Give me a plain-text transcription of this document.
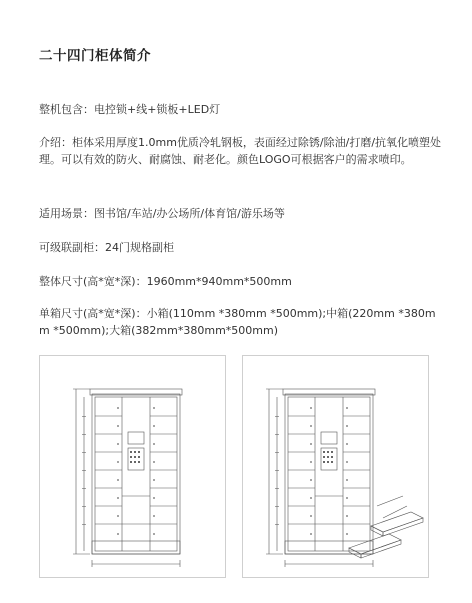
二十四门柜体简介
整机包含：电控锁+线+锁板+LED灯
介绍：柜体采用厚度1.0mm优质冷轧钢板，表面经过除锈/除油/打磨/抗氧化喷塑处理。可以有效的防火、耐腐蚀、耐老化。颜色LOGO可根据客户的需求喷印。
适用场景：图书馆/车站/办公场所/体育馆/游乐场等
可级联副柜：24门规格副柜
整体尺寸(高*宽*深)：1960mm*940mm*500mm
单箱尺寸(高*宽*深)：小箱(110mm *380mm *500mm);中箱(220mm *380mm *500mm);大箱(382mm*380mm*500mm)
